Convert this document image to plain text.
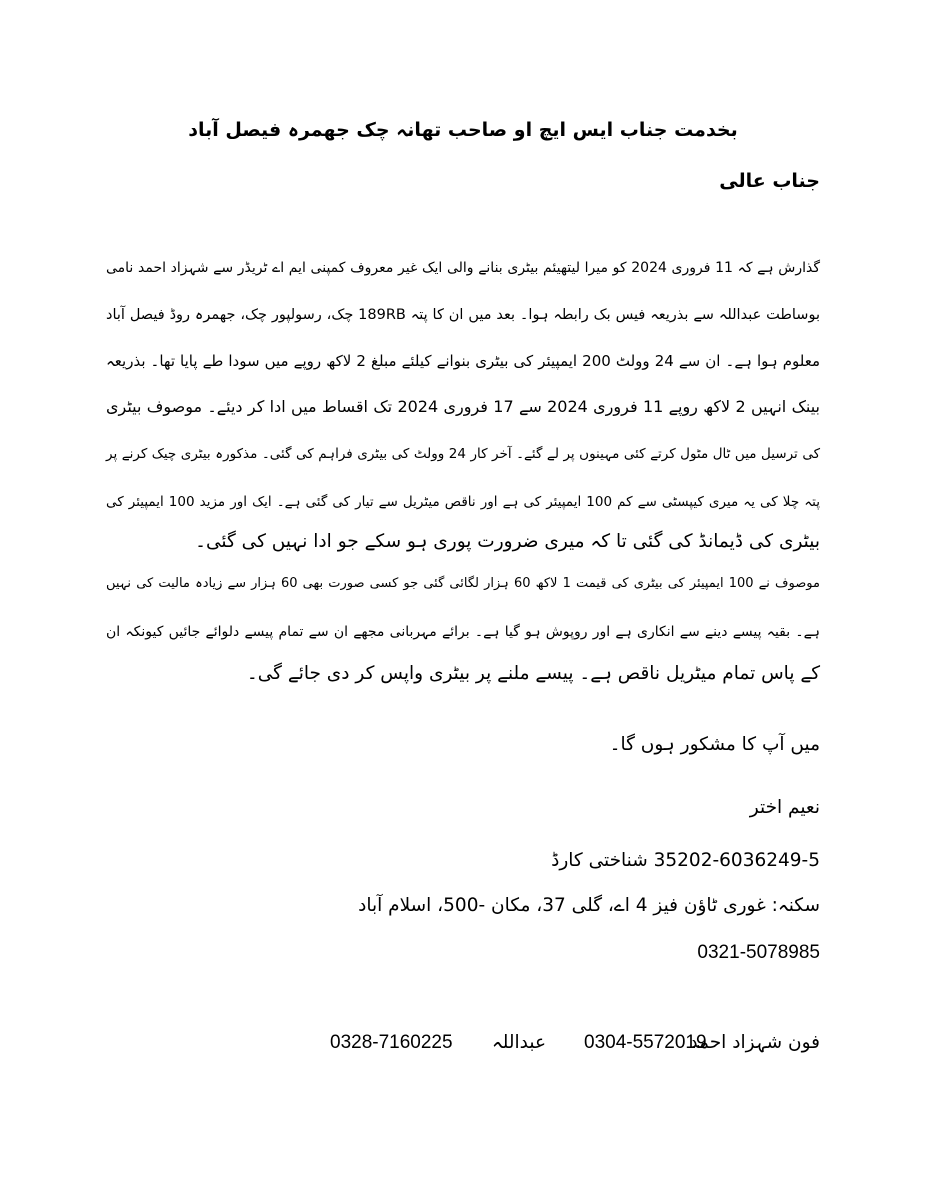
بخدمت جناب ایس ایچ او صاحب تھانہ چک جھمرہ فیصل آباد
جناب عالی
گذارش ہے کہ 11 فروری 2024 کو میرا لیتھیئم بیٹری بنانے والی ایک غیر معروف کمپنی ایم اے ٹریڈر سے شہزاد احمد نامی
بوساطت عبداللہ سے بذریعہ فیس بک رابطہ ہوا۔ بعد میں ان کا پتہ 189RB چک، رسولپور چک، جھمرہ روڈ فیصل آباد
معلوم ہوا ہے۔ ان سے 24 وولٹ 200 ایمپیئر کی بیٹری بنوانے کیلئے مبلغ 2 لاکھ روپے میں سودا طے پایا تھا۔ بذریعہ
بینک انہیں 2 لاکھ روپے 11 فروری 2024 سے 17 فروری 2024 تک اقساط میں ادا کر دیئے۔ موصوف بیٹری
کی ترسیل میں ٹال مٹول کرتے کئی مہینوں پر لے گئے۔ آخر کار 24 وولٹ کی بیٹری فراہم کی گئی۔ مذکورہ بیٹری چیک کرنے پر
پتہ چلا کی یہ میری کیپسٹی سے کم 100 ایمپیئر کی ہے اور ناقص میٹریل سے تیار کی گئی ہے۔ ایک اور مزید 100 ایمپیئر کی
بیٹری کی ڈیمانڈ کی گئی تا کہ میری ضرورت پوری ہو سکے جو ادا نہیں کی گئی۔
موصوف نے 100 ایمپیئر کی بیٹری کی قیمت 1 لاکھ 60 ہزار لگائی گئی جو کسی صورت بھی 60 ہزار سے زیادہ مالیت کی نہیں
ہے۔ بقیہ پیسے دینے سے انکاری ہے اور روپوش ہو گیا ہے۔ برائے مہربانی مجھے ان سے تمام پیسے دلوائے جائیں کیونکہ ان
کے پاس تمام میٹریل ناقص ہے۔ پیسے ملنے پر بیٹری واپس کر دی جائے گی۔
میں آپ کا مشکور ہوں گا۔
نعیم اختر
35202-6036249-5 شناختی کارڈ
سکنہ: غوری ٹاؤن فیز 4 اے، گلی 37، مکان -500، اسلام آباد
0321-5078985
فون شہزاد احمد
0304-5572019
عبداللہ
0328-7160225
